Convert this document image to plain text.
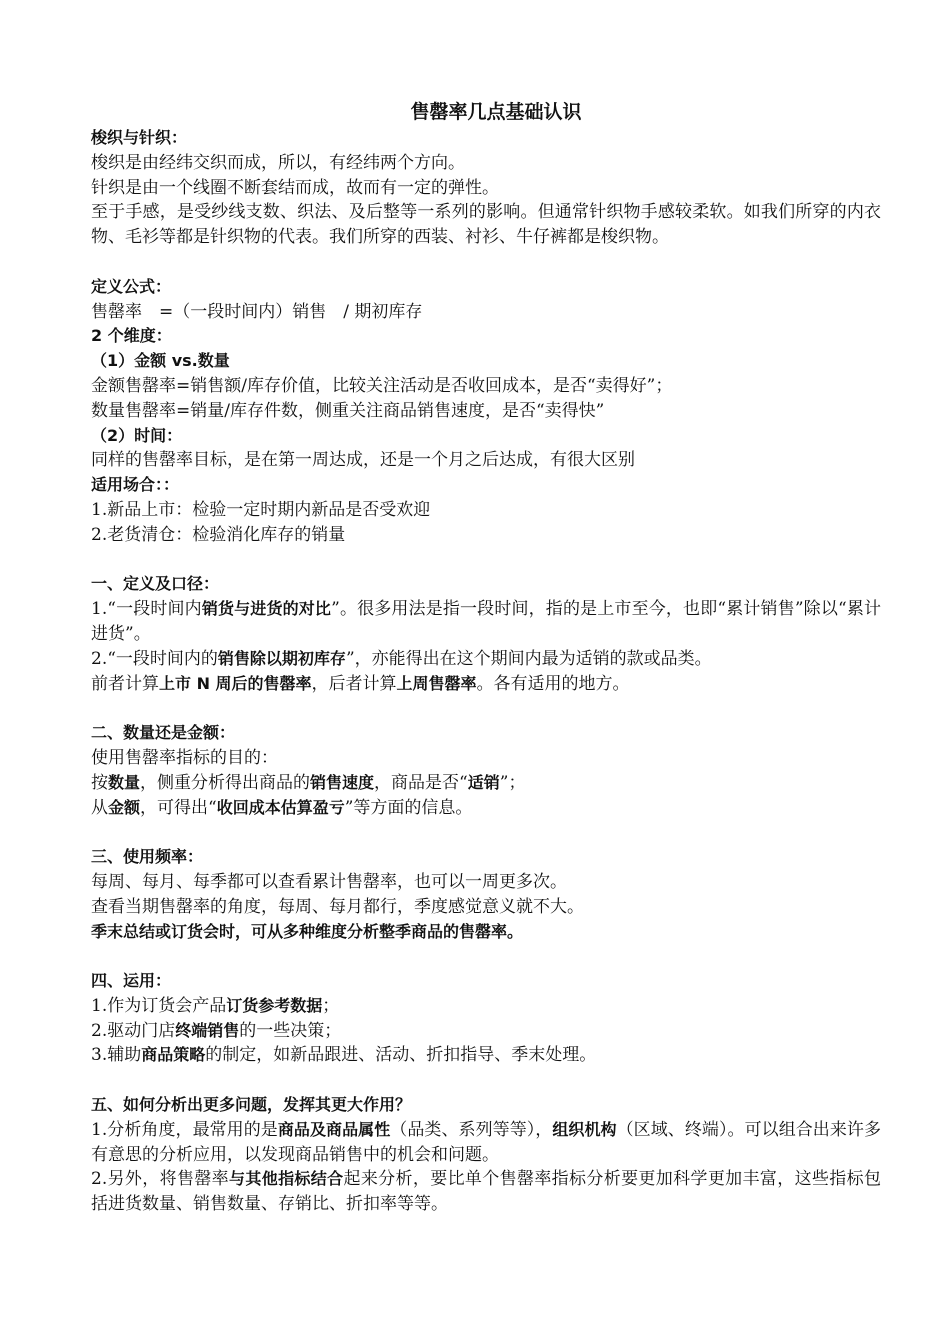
售罄率几点基础认识
梭织与针织：
梭织是由经纬交织而成，所以，有经纬两个方向。
针织是由一个线圈不断套结而成，故而有一定的弹性。
至于手感，是受纱线支数、织法、及后整等一系列的影响。但通常针织物手感较柔软。如我们所穿的内衣物、毛衫等都是针织物的代表。我们所穿的西装、衬衫、牛仔裤都是梭织物。
定义公式：
售罄率　=（一段时间内）销售　/ 期初库存
2 个维度：
（1）金额 vs.数量
金额售罄率=销售额/库存价值，比较关注活动是否收回成本，是否“卖得好”；
数量售罄率=销量/库存件数，侧重关注商品销售速度，是否“卖得快”
（2）时间：
同样的售罄率目标，是在第一周达成，还是一个月之后达成，有很大区别
适用场合：：
1.新品上市：检验一定时期内新品是否受欢迎
2.老货清仓：检验消化库存的销量
一、定义及口径：
1.“一段时间内销货与进货的对比”。很多用法是指一段时间，指的是上市至今，也即“累计销售”除以“累计进货”。
2.“一段时间内的销售除以期初库存”，亦能得出在这个期间内最为适销的款或品类。
前者计算上市 N 周后的售罄率，后者计算上周售罄率。各有适用的地方。
二、数量还是金额：
使用售罄率指标的目的：
按数量，侧重分析得出商品的销售速度，商品是否“适销”；
从金额，可得出“收回成本估算盈亏”等方面的信息。
三、使用频率：
每周、每月、每季都可以查看累计售罄率，也可以一周更多次。
查看当期售罄率的角度，每周、每月都行，季度感觉意义就不大。
季末总结或订货会时，可从多种维度分析整季商品的售罄率。
四、运用：
1.作为订货会产品订货参考数据；
2.驱动门店终端销售的一些决策；
3.辅助商品策略的制定，如新品跟进、活动、折扣指导、季末处理。
五、如何分析出更多问题，发挥其更大作用？
1.分析角度，最常用的是商品及商品属性（品类、系列等等），组织机构（区域、终端）。可以组合出来许多有意思的分析应用，以发现商品销售中的机会和问题。
2.另外，将售罄率与其他指标结合起来分析，要比单个售罄率指标分析要更加科学更加丰富，这些指标包括进货数量、销售数量、存销比、折扣率等等。
